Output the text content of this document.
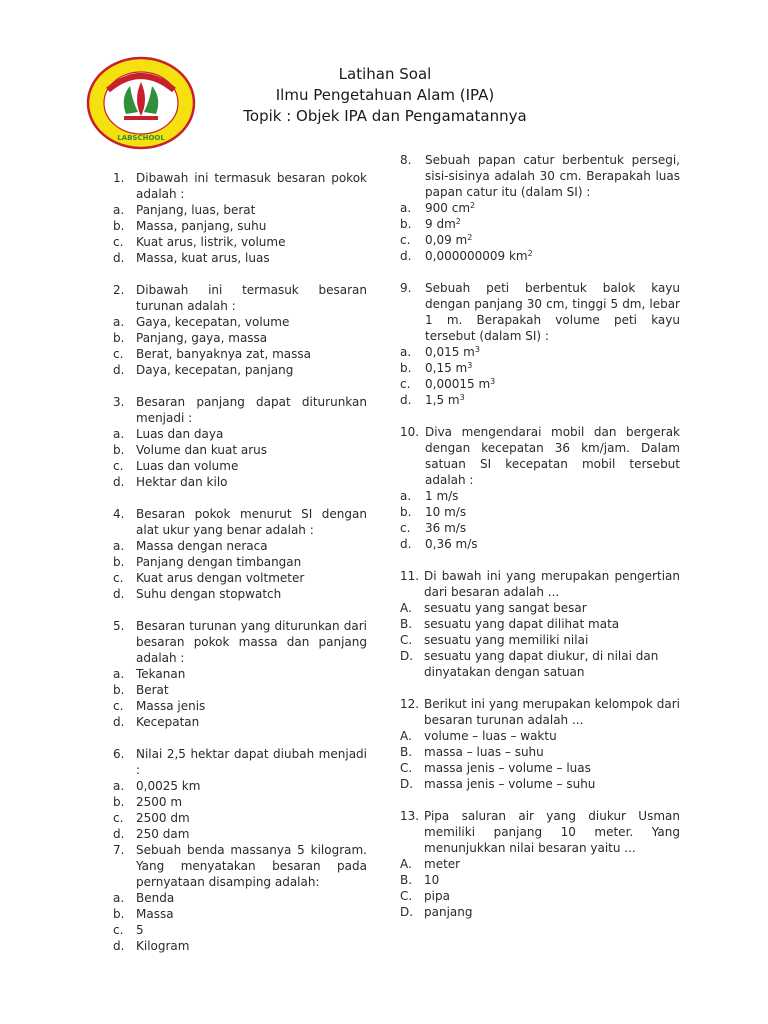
LABSCHOOL
Latihan Soal
Ilmu Pengetahuan Alam (IPA)
Topik : Objek IPA dan Pengamatannya
1. Dibawah ini termasuk besaran pokok adalah :
a. Panjang, luas, berat
b. Massa, panjang, suhu
c.	Kuat arus, listrik, volume
d. Massa, kuat arus, luas
2. Dibawah ini termasuk besaran turunan adalah :
a. Gaya, kecepatan, volume
b. Panjang, gaya, massa
c.	Berat, banyaknya zat, massa
d. Daya, kecepatan, panjang
3. Besaran panjang dapat diturunkan menjadi :
a. Luas dan daya
b. Volume dan kuat arus
c.	Luas dan volume
d. Hektar dan kilo
4. Besaran pokok menurut SI dengan alat ukur yang benar adalah :
a. Massa dengan neraca
b. Panjang dengan timbangan
c.	Kuat arus dengan voltmeter
d. Suhu dengan stopwatch
5. Besaran turunan yang diturunkan dari besaran pokok massa dan panjang adalah :
a. Tekanan
b. Berat
c.	Massa jenis
d. Kecepatan
6. Nilai 2,5 hektar dapat diubah menjadi :
a. 0,0025 km
b. 2500 m
c.	2500 dm
d. 250 dam
7. Sebuah benda massanya 5 kilogram. Yang menyatakan besaran pada pernyataan disamping adalah:
a. Benda
b. Massa
c.	5
d. Kilogram
8.	Sebuah papan catur berbentuk persegi, sisi-sisinya adalah 30 cm. Berapakah luas papan catur itu (dalam SI) :
a.	900 $cm^2$
b.	9 $dm^2$
c.	0,09 $m^2$
d.	0,000000009 $km^2$
9.	Sebuah peti berbentuk balok kayu dengan panjang 30 cm, tinggi 5 dm, lebar 1 m. Berapakah volume peti kayu tersebut (dalam SI) :
a.	0,015 $m^3$
b.	0,15 $m^3$
c.	0,00015 $m^3$
d.	1,5 $m^3$
10. Diva mengendarai mobil dan bergerak dengan kecepatan 36 km/jam. Dalam satuan SI kecepatan mobil tersebut adalah :
a.	1 m/s
b.	10 m/s
c.	36 m/s
d.	0,36 m/s
11. Di bawah ini yang merupakan pengertian dari besaran adalah ...
A.	sesuatu yang sangat besar
B. sesuatu yang dapat dilihat mata
C. sesuatu yang memiliki nilai
D. sesuatu yang dapat diukur, di nilai dan dinyatakan dengan satuan
12. Berikut ini yang merupakan kelompok dari besaran turunan adalah ...
A.	volume – luas – waktu
B. massa – luas – suhu
C. massa jenis – volume – luas
D. massa jenis – volume – suhu
13. Pipa saluran air yang diukur Usman memiliki panjang 10 meter. Yang menunjukkan nilai besaran yaitu ...
A.	meter
B. 10
C. pipa
D. panjang
